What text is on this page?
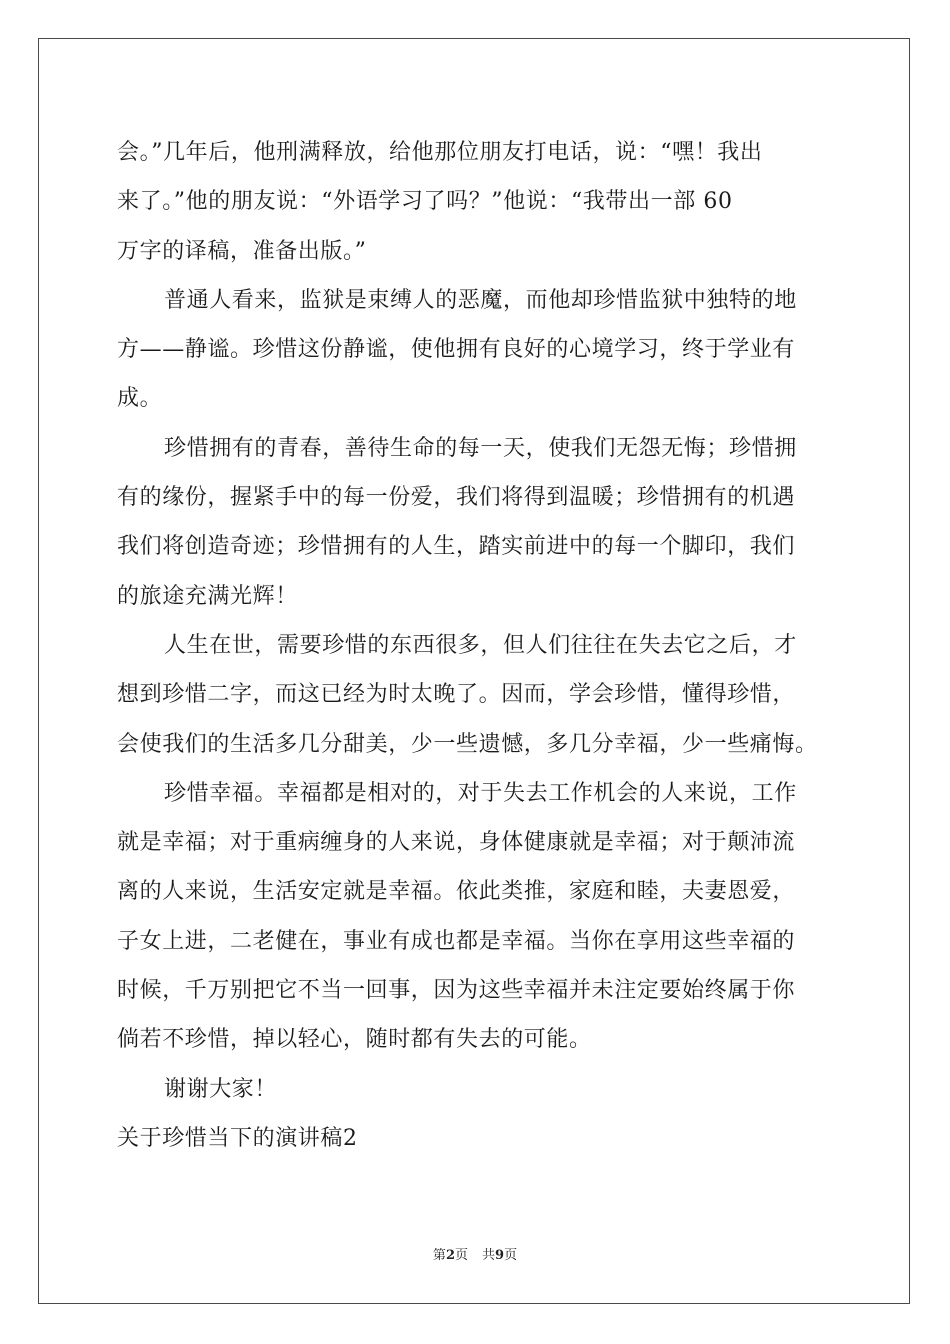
会。”几年后，他刑满释放，给他那位朋友打电话，说：“嘿！我出
来了。”他的朋友说：“外语学习了吗？”他说：“我带出一部 60
万字的译稿，准备出版。”
普通人看来，监狱是束缚人的恶魔，而他却珍惜监狱中独特的地
方——静谧。珍惜这份静谧，使他拥有良好的心境学习，终于学业有
成。
珍惜拥有的青春，善待生命的每一天，使我们无怨无悔；珍惜拥
有的缘份，握紧手中的每一份爱，我们将得到温暖；珍惜拥有的机遇
我们将创造奇迹；珍惜拥有的人生，踏实前进中的每一个脚印，我们
的旅途充满光辉！
人生在世，需要珍惜的东西很多，但人们往往在失去它之后，才
想到珍惜二字，而这已经为时太晚了。因而，学会珍惜，懂得珍惜，
会使我们的生活多几分甜美，少一些遗憾，多几分幸福，少一些痛悔。
珍惜幸福。幸福都是相对的，对于失去工作机会的人来说，工作
就是幸福；对于重病缠身的人来说，身体健康就是幸福；对于颠沛流
离的人来说，生活安定就是幸福。依此类推，家庭和睦，夫妻恩爱，
子女上进，二老健在，事业有成也都是幸福。当你在享用这些幸福的
时候，千万别把它不当一回事，因为这些幸福并未注定要始终属于你
倘若不珍惜，掉以轻心，随时都有失去的可能。
谢谢大家！
关于珍惜当下的演讲稿2
第2页 共9页
